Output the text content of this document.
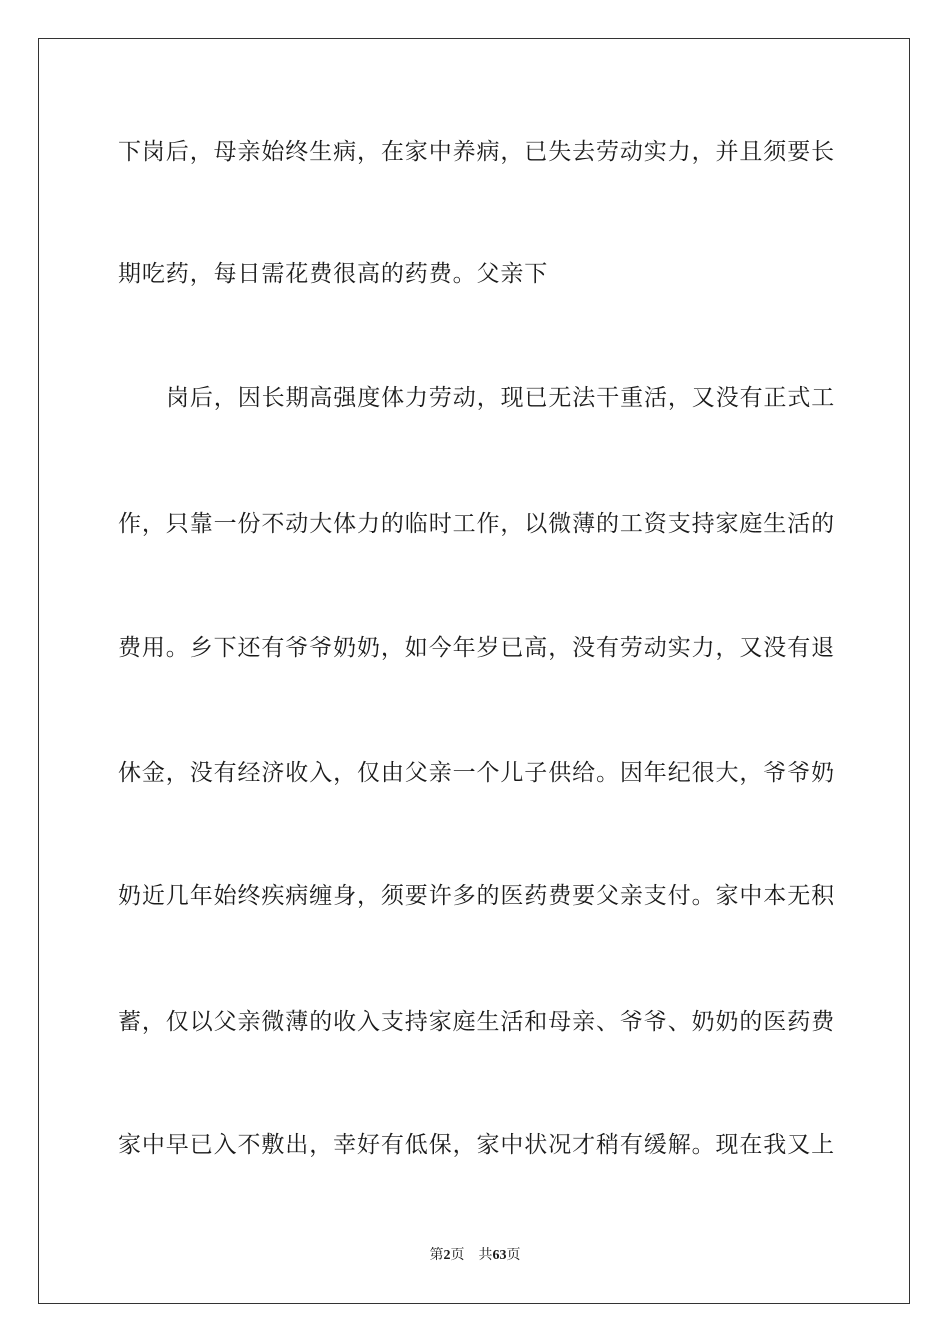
下岗后，母亲始终生病，在家中养病，已失去劳动实力，并且须要长
期吃药，每日需花费很高的药费。父亲下
岗后，因长期高强度体力劳动，现已无法干重活，又没有正式工
作，只靠一份不动大体力的临时工作，以微薄的工资支持家庭生活的
费用。乡下还有爷爷奶奶，如今年岁已高，没有劳动实力，又没有退
休金，没有经济收入，仅由父亲一个儿子供给。因年纪很大，爷爷奶
奶近几年始终疾病缠身，须要许多的医药费要父亲支付。家中本无积
蓄，仅以父亲微薄的收入支持家庭生活和母亲、爷爷、奶奶的医药费
家中早已入不敷出，幸好有低保，家中状况才稍有缓解。现在我又上
第2页 共63页
